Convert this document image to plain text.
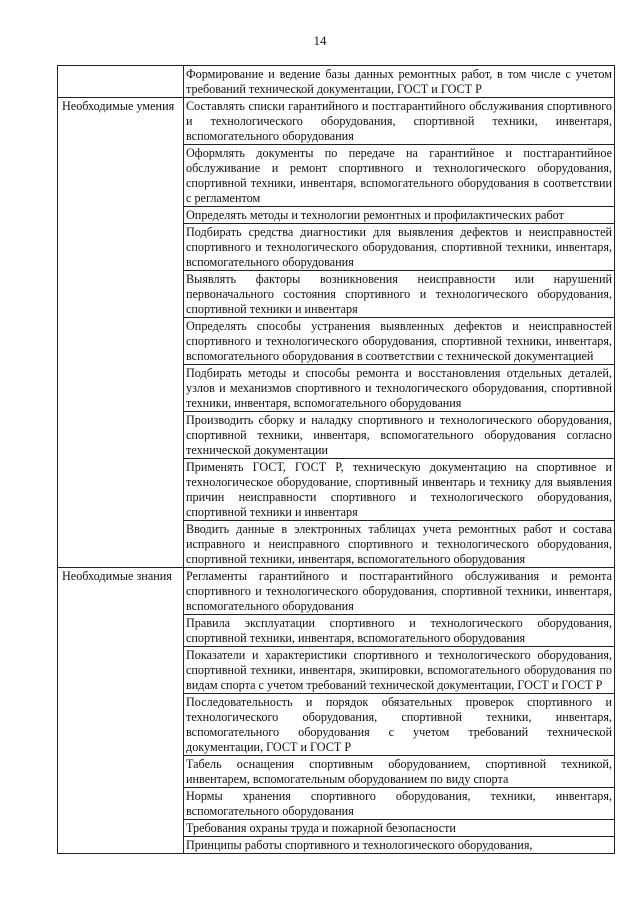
14
	Формирование и ведение базы данных ремонтных работ, в том числе с учетом требований технической документации, ГОСТ и ГОСТ Р
Необходимые умения	Составлять списки гарантийного и постгарантийного обслуживания спортивного и технологического оборудования, спортивной техники, инвентаря, вспомогательного оборудования
	Оформлять документы по передаче на гарантийное и постгарантийное обслуживание и ремонт спортивного и технологического оборудования, спортивной техники, инвентаря, вспомогательного оборудования в соответствии с регламентом
	Определять методы и технологии ремонтных и профилактических работ
	Подбирать средства диагностики для выявления дефектов и неисправностей спортивного и технологического оборудования, спортивной техники, инвентаря, вспомогательного оборудования
	Выявлять факторы возникновения неисправности или нарушений первоначального состояния спортивного и технологического оборудования, спортивной техники и инвентаря
	Определять способы устранения выявленных дефектов и неисправностей спортивного и технологического оборудования, спортивной техники, инвентаря, вспомогательного оборудования в соответствии с технической документацией
	Подбирать методы и способы ремонта и восстановления отдельных деталей, узлов и механизмов спортивного и технологического оборудования, спортивной техники, инвентаря, вспомогательного оборудования
	Производить сборку и наладку спортивного и технологического оборудования, спортивной техники, инвентаря, вспомогательного оборудования согласно технической документации
	Применять ГОСТ, ГОСТ Р, техническую документацию на спортивное и технологическое оборудование, спортивный инвентарь и технику для выявления причин неисправности спортивного и технологического оборудования, спортивной техники и инвентаря
	Вводить данные в электронных таблицах учета ремонтных работ и состава исправного и неисправного спортивного и технологического оборудования, спортивной техники, инвентаря, вспомогательного оборудования
Необходимые знания	Регламенты гарантийного и постгарантийного обслуживания и ремонта спортивного и технологического оборудования, спортивной техники, инвентаря, вспомогательного оборудования
	Правила эксплуатации спортивного и технологического оборудования, спортивной техники, инвентаря, вспомогательного оборудования
	Показатели и характеристики спортивного и технологического оборудования, спортивной техники, инвентаря, экипировки, вспомогательного оборудования по видам спорта с учетом требований технической документации, ГОСТ и ГОСТ Р
	Последовательность и порядок обязательных проверок спортивного и технологического оборудования, спортивной техники, инвентаря, вспомогательного оборудования с учетом требований технической документации, ГОСТ и ГОСТ Р
	Табель оснащения спортивным оборудованием, спортивной техникой, инвентарем, вспомогательным оборудованием по виду спорта
	Нормы хранения спортивного оборудования, техники, инвентаря, вспомогательного оборудования
	Требования охраны труда и пожарной безопасности
	Принципы работы спортивного и технологического оборудования,
